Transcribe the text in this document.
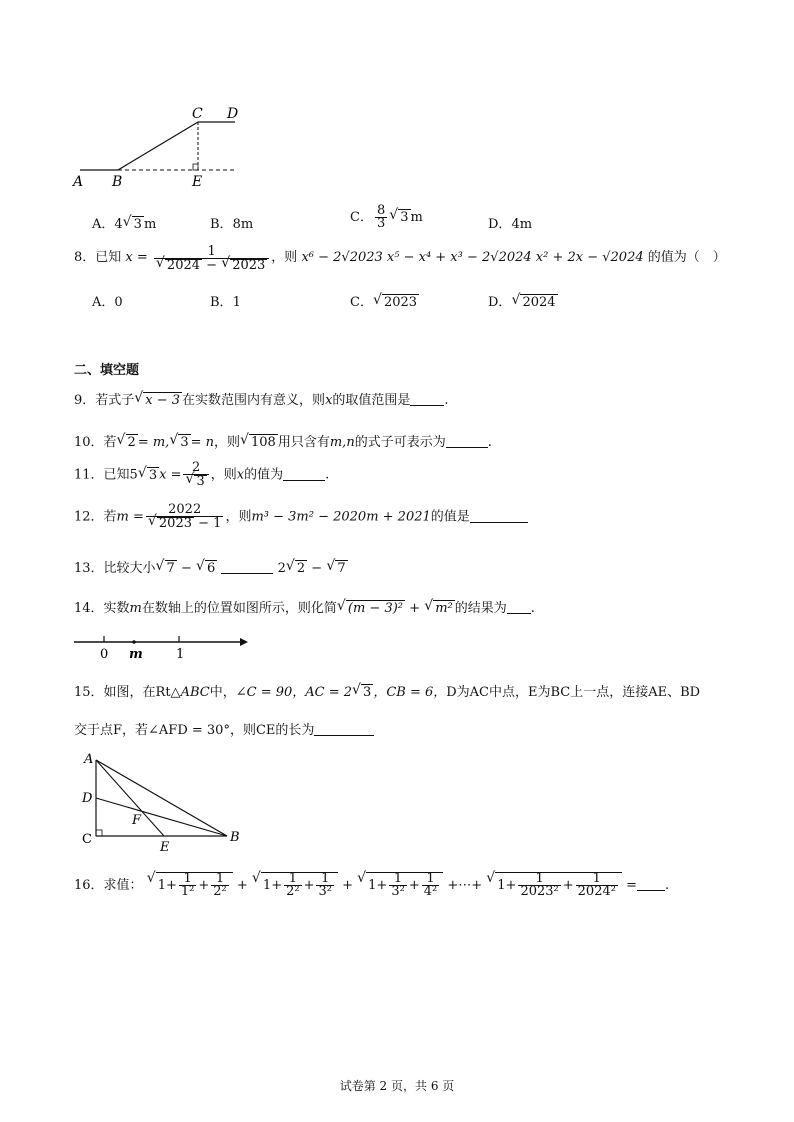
A B
C D
E
A．4 √ 3 m	B．8m	C． $\frac{8}{3}$ √ 3 m	D．4m
8．已知 x = 1
√ 2024 − √ 2023 ，则 x⁶ − 2√2023 x⁵ − x⁴ + x³ − 2√2024 x² + 2x − √2024 的值为（　）
A．0	B．1	C． √ 2023	D． √ 2024
二、填空题
9．若式子 √ x − 3 在实数范围内有意义，则x的取值范围是	.
10．若 √ 2 = m, √ 3 = n，则 √ 108 用只含有m,n的式子可表示为	.
11．已知5 √ 3 x = 2
√ 3 ，则x的值为	.
12．若m = 2022
√ 2023 − 1 ，则m³ − 3m² − 2020m + 2021的值是
13．比较大小 √ 7 − √ 6	2 √ 2 − √ 7
14．实数m在数轴上的位置如图所示，则化简 √ (m − 3)² + √ m² 的结果为 .
0 m	1
15．如图，在Rt△ABC中，∠C = 90，AC = 2 √ 3 ，CB = 6，D为AC中点，E为BC上一点，连接AE、BD
交于点F，若∠AFD = 30°，则CE的长为
A
B
C
D
E
F
16．求值： √ $1+ \frac{1}{\text{1²}} + \frac{1}{\text{2²}}$ + √ $1+ \frac{1}{\text{2²}} + \frac{1}{\text{3²}}$ + √ $1+ \frac{1}{\text{3²}} + \frac{1}{\text{4²}}$ +⋯+ √ $1+ \frac{1}{\text{2023²}} + \frac{1}{\text{2024²}}$ = .
试卷第 2 页，共 6 页
